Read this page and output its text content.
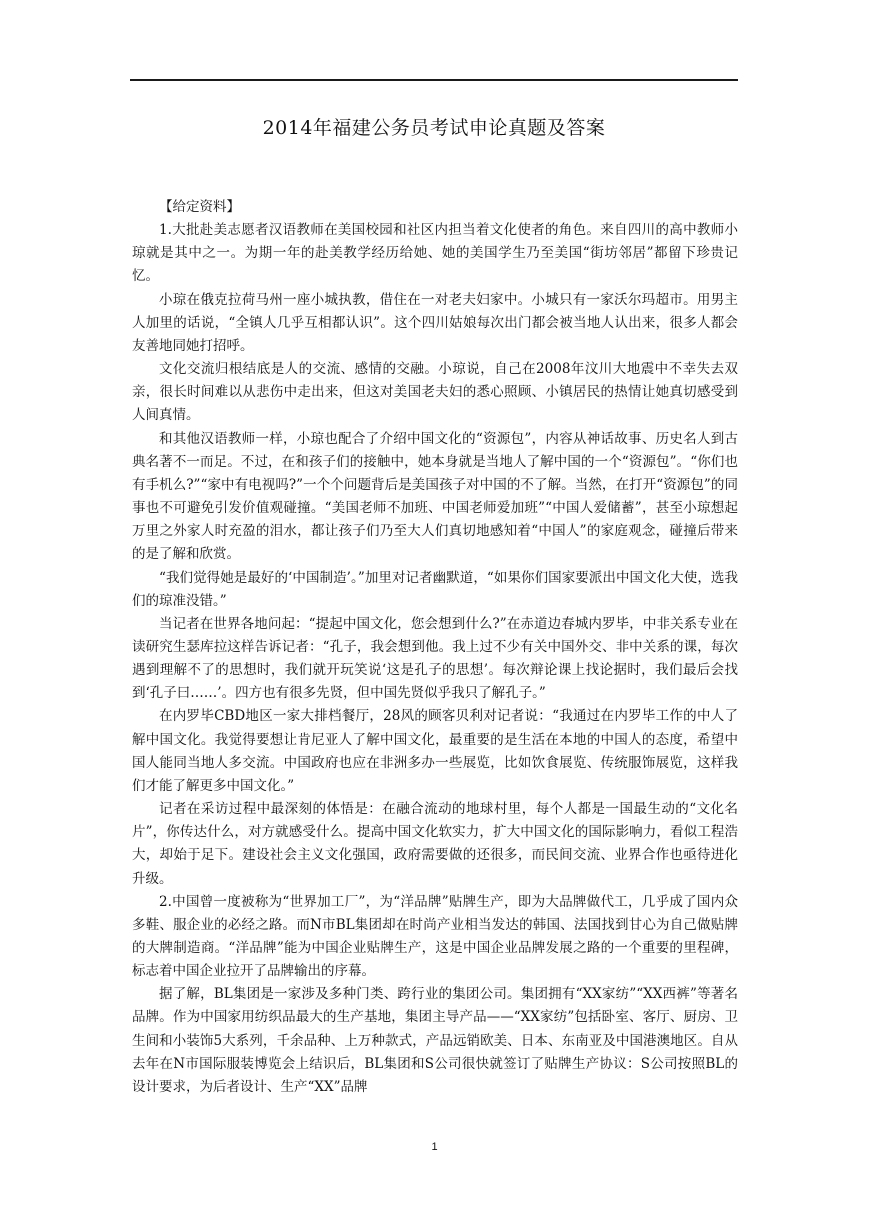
2014年福建公务员考试申论真题及答案

【给定资料】

1.大批赴美志愿者汉语教师在美国校园和社区内担当着文化使者的角色。来自四川的高中教师小琼就是其中之一。为期一年的赴美教学经历给她、她的美国学生乃至美国“街坊邻居”都留下珍贵记忆。

小琼在俄克拉荷马州一座小城执教，借住在一对老夫妇家中。小城只有一家沃尔玛超市。用男主人加里的话说，“全镇人几乎互相都认识”。这个四川姑娘每次出门都会被当地人认出来，很多人都会友善地同她打招呼。

文化交流归根结底是人的交流、感情的交融。小琼说，自己在2008年汶川大地震中不幸失去双亲，很长时间难以从悲伤中走出来，但这对美国老夫妇的悉心照顾、小镇居民的热情让她真切感受到人间真情。

和其他汉语教师一样，小琼也配合了介绍中国文化的“资源包”，内容从神话故事、历史名人到古典名著不一而足。不过，在和孩子们的接触中，她本身就是当地人了解中国的一个“资源包”。“你们也有手机么?”“家中有电视吗?”一个个问题背后是美国孩子对中国的不了解。当然，在打开“资源包”的同事也不可避免引发价值观碰撞。“美国老师不加班、中国老师爱加班”“中国人爱储蓄”，甚至小琼想起万里之外家人时充盈的泪水，都让孩子们乃至大人们真切地感知着“中国人”的家庭观念，碰撞后带来的是了解和欣赏。

“我们觉得她是最好的‘中国制造’。”加里对记者幽默道，“如果你们国家要派出中国文化大使，选我们的琼准没错。”

当记者在世界各地问起：“提起中国文化，您会想到什么?”在赤道边春城内罗毕，中非关系专业在读研究生瑟库拉这样告诉记者：“孔子，我会想到他。我上过不少有关中国外交、非中关系的课，每次遇到理解不了的思想时，我们就开玩笑说‘这是孔子的思想’。每次辩论课上找论据时，我们最后会找到‘孔子曰……’。四方也有很多先贤，但中国先贤似乎我只了解孔子。”

在内罗毕CBD地区一家大排档餐厅，28风的顾客贝利对记者说：“我通过在内罗毕工作的中人了解中国文化。我觉得要想让肯尼亚人了解中国文化，最重要的是生活在本地的中国人的态度，希望中国人能同当地人多交流。中国政府也应在非洲多办一些展览，比如饮食展览、传统服饰展览，这样我们才能了解更多中国文化。”

记者在采访过程中最深刻的体悟是：在融合流动的地球村里，每个人都是一国最生动的“文化名片”，你传达什么，对方就感受什么。提高中国文化软实力，扩大中国文化的国际影响力，看似工程浩大，却始于足下。建设社会主义文化强国，政府需要做的还很多，而民间交流、业界合作也亟待进化升级。

2.中国曾一度被称为“世界加工厂”，为“洋品牌”贴牌生产，即为大品牌做代工，几乎成了国内众多鞋、服企业的必经之路。而N市BL集团却在时尚产业相当发达的韩国、法国找到甘心为自己做贴牌的大牌制造商。“洋品牌”能为中国企业贴牌生产，这是中国企业品牌发展之路的一个重要的里程碑，标志着中国企业拉开了品牌输出的序幕。

据了解，BL集团是一家涉及多种门类、跨行业的集团公司。集团拥有“XX家纺”“XX西裤”等著名品牌。作为中国家用纺织品最大的生产基地，集团主导产品——“XX家纺”包括卧室、客厅、厨房、卫生间和小装饰5大系列，千余品种、上万种款式，产品远销欧美、日本、东南亚及中国港澳地区。自从去年在N市国际服装博览会上结识后，BL集团和S公司很快就签订了贴牌生产协议：S公司按照BL的设计要求，为后者设计、生产“XX”品牌

1
